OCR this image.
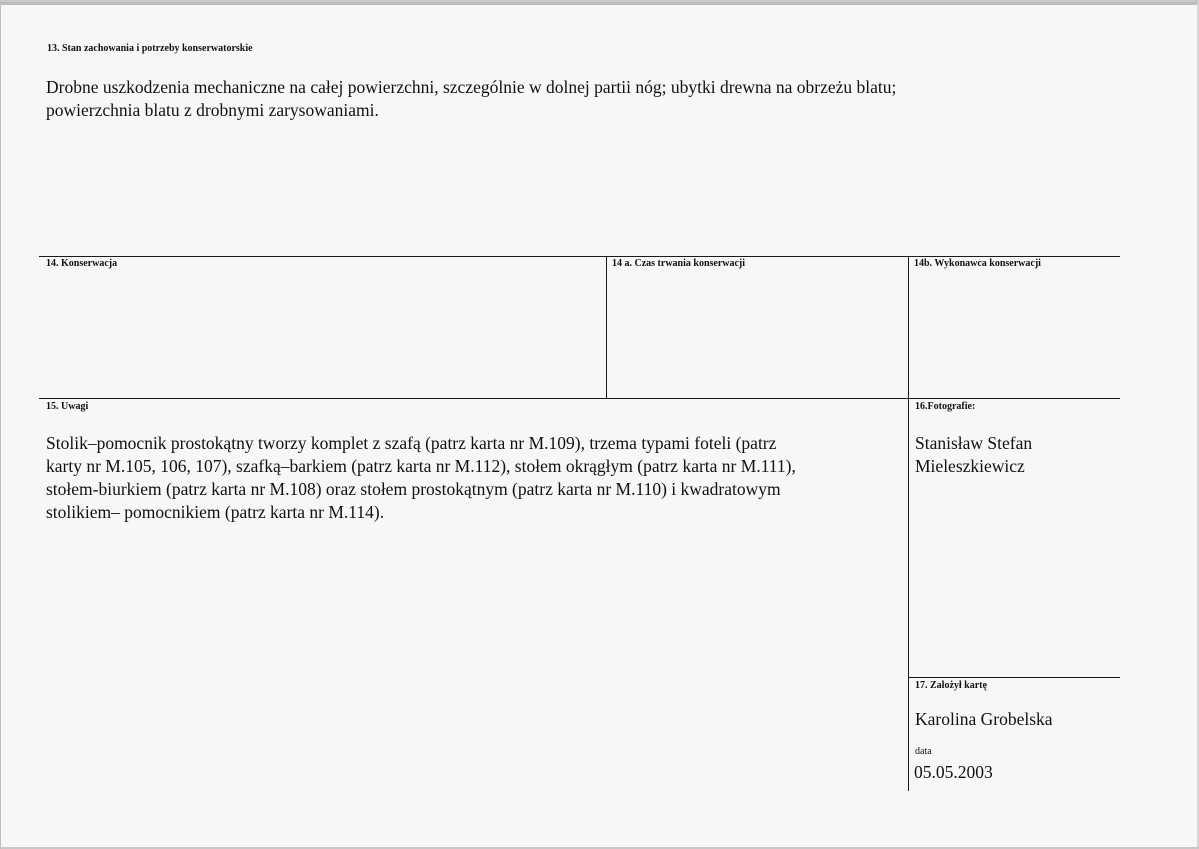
13. Stan zachowania i potrzeby konserwatorskie
Drobne uszkodzenia mechaniczne na całej powierzchni, szczególnie w dolnej partii nóg; ubytki drewna na obrzeżu blatu;
powierzchnia blatu z drobnymi zarysowaniami.
14. Konserwacja	14 a. Czas trwania konserwacji	14b. Wykonawca konserwacji
15. Uwagi
Stolik–pomocnik prostokątny tworzy komplet z szafą (patrz karta nr M.109), trzema typami foteli (patrz
karty nr M.105, 106, 107), szafką–barkiem (patrz karta nr M.112), stołem okrągłym (patrz karta nr M.111),
stołem-biurkiem (patrz karta nr M.108) oraz stołem prostokątnym (patrz karta nr M.110) i kwadratowym
stolikiem– pomocnikiem (patrz karta nr M.114).
16.Fotografie:
Stanisław Stefan
Mieleszkiewicz
17. Założył kartę
Karolina Grobelska
data
05.05.2003
